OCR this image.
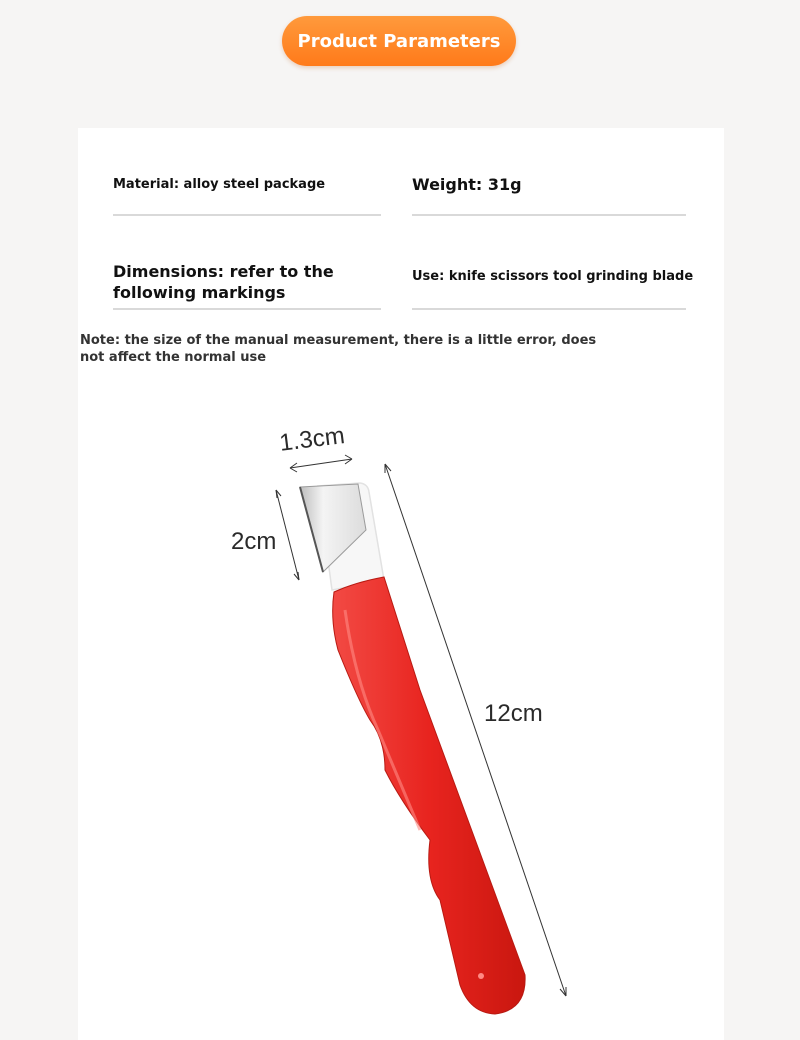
Product Parameters
Material: alloy steel package	Weight: 31g
Dimensions: refer to the following markings
Use: knife scissors tool grinding blade
Note: the size of the manual measurement, there is a little error, does not affect the normal use
1.3cm
2cm
12cm
